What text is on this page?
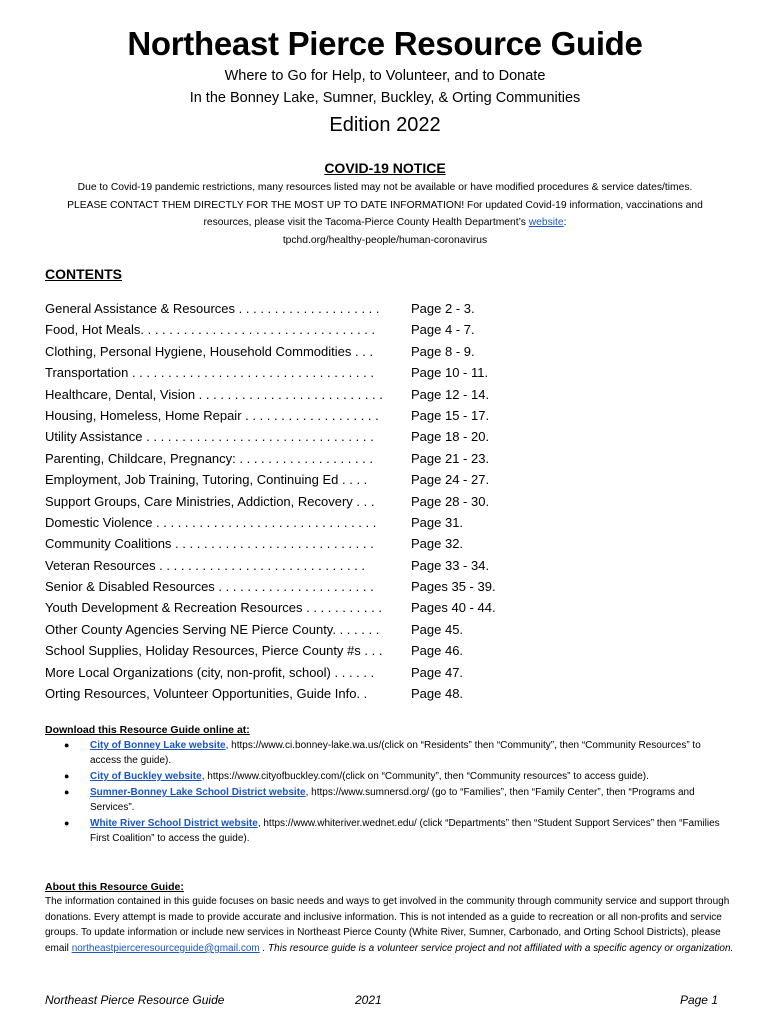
Northeast Pierce Resource Guide
Where to Go for Help, to Volunteer, and to Donate
In the Bonney Lake, Sumner, Buckley, & Orting Communities
Edition 2022
COVID-19 NOTICE
Due to Covid-19 pandemic restrictions, many resources listed may not be available or have modified procedures & service dates/times. PLEASE CONTACT THEM DIRECTLY FOR THE MOST UP TO DATE INFORMATION! For updated Covid-19 information, vaccinations and resources, please visit the Tacoma-Pierce County Health Department’s website:
tpchd.org/healthy-people/human-coronavirus
CONTENTS
General Assistance & Resources . . . . . . . . . . . . . . . . . . . .	Page 2 - 3.
Food, Hot Meals. . . . . . . . . . . . . . . . . . . . . . . . . . . . . . . . .	Page 4 - 7.
Clothing, Personal Hygiene, Household Commodities . . .	Page 8 - 9.
Transportation . . . . . . . . . . . . . . . . . . . . . . . . . . . . . . . . . .	Page 10 - 11.
Healthcare, Dental, Vision . . . . . . . . . . . . . . . . . . . . . . . . . .	Page 12 - 14.
Housing, Homeless, Home Repair . . . . . . . . . . . . . . . . . . .	Page 15 - 17.
Utility Assistance . . . . . . . . . . . . . . . . . . . . . . . . . . . . . . . .	Page 18 - 20.
Parenting, Childcare, Pregnancy: . . . . . . . . . . . . . . . . . . .	Page 21 - 23.
Employment, Job Training, Tutoring, Continuing Ed . . . .	Page 24 - 27.
Support Groups, Care Ministries, Addiction, Recovery . . .	Page 28 - 30.
Domestic Violence . . . . . . . . . . . . . . . . . . . . . . . . . . . . . . .	Page 31.
Community Coalitions . . . . . . . . . . . . . . . . . . . . . . . . . . . .	Page 32.
Veteran Resources . . . . . . . . . . . . . . . . . . . . . . . . . . . . .	Page 33 - 34.
Senior & Disabled Resources . . . . . . . . . . . . . . . . . . . . . .	Pages 35 - 39.
Youth Development & Recreation Resources . . . . . . . . . . .	Pages 40 - 44.
Other County Agencies Serving NE Pierce County. . . . . . .	Page 45.
School Supplies, Holiday Resources, Pierce County #s . . .	Page 46.
More Local Organizations (city, non-profit, school) . . . . . .	Page 47.
Orting Resources, Volunteer Opportunities, Guide Info. .	Page 48.
Download this Resource Guide online at:
● City of Bonney Lake website, https://www.ci.bonney-lake.wa.us/(click on “Residents” then “Community”, then “Community Resources” to access the guide).
● City of Buckley website, https://www.cityofbuckley.com/(click on “Community”, then “Community resources” to access guide).
● Sumner-Bonney Lake School District website, https://www.sumnersd.org/ (go to “Families”, then “Family Center”, then “Programs and Services”.
● White River School District website, https://www.whiteriver.wednet.edu/ (click “Departments” then “Student Support Services” then “Families First Coalition” to access the guide).
About this Resource Guide:
The information contained in this guide focuses on basic needs and ways to get involved in the community through community service and support through donations. Every attempt is made to provide accurate and inclusive information. This is not intended as a guide to recreation or all non-profits and service groups. To update information or include new services in Northeast Pierce County (White River, Sumner, Carbonado, and Orting School Districts), please email northeastpierceresourceguide@gmail.com . This resource guide is a volunteer service project and not affiliated with a specific agency or organization.
Northeast Pierce Resource Guide	2021	Page 1
